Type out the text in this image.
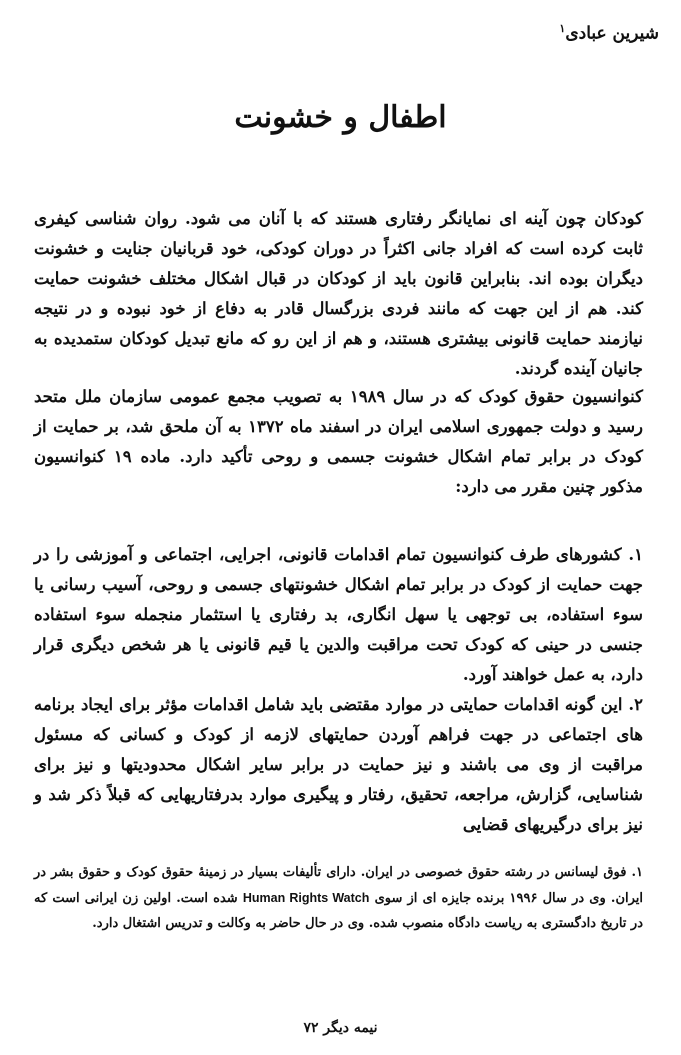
شیرین عبادی$^۱$
اطفال و خشونت
کودکان چون آینه ای نمایانگر رفتاری هستند که با آنان می شود. روان شناسی کیفری ثابت کرده است که افراد جانی اکثراً در دوران کودکی، خود قربانیان جنایت و خشونت دیگران بوده اند. بنابراین قانون باید از کودکان در قبال اشکال مختلف خشونت حمایت کند. هم از این جهت که مانند فردی بزرگسال قادر به دفاع از خود نبوده و در نتیجه نیازمند حمایت قانونی بیشتری هستند، و هم از این رو که مانع تبدیل کودکان ستمدیده به جانیان آینده گردند.
کنوانسیون حقوق کودک که در سال ۱۹۸۹ به تصویب مجمع عمومی سازمان ملل متحد رسید و دولت جمهوری اسلامی ایران در اسفند ماه ۱۳۷۲ به آن ملحق شد، بر حمایت از کودک در برابر تمام اشکال خشونت جسمی و روحی تأکید دارد. ماده ۱۹ کنوانسیون مذکور چنین مقرر می دارد:

۱. کشورهای طرف کنوانسیون تمام اقدامات قانونی، اجرایی، اجتماعی و آموزشی را در جهت حمایت از کودک در برابر تمام اشکال خشونتهای جسمی و روحی، آسیب رسانی یا سوء استفاده، بی توجهی یا سهل انگاری، بد رفتاری یا استثمار منجمله سوء استفاده جنسی در حینی که کودک تحت مراقبت والدین یا قیم قانونی یا هر شخص دیگری قرار دارد، به عمل خواهند آورد.

۲. این گونه اقدامات حمایتی در موارد مقتضی باید شامل اقدامات مؤثر برای ایجاد برنامه های اجتماعی در جهت فراهم آوردن حمایتهای لازمه از کودک و کسانی که مسئول مراقبت از وی می باشند و نیز حمایت در برابر سایر اشکال محدودیتها و نیز برای شناسایی، گزارش، مراجعه، تحقیق، رفتار و پیگیری موارد بدرفتاریهایی که قبلاً ذکر شد و نیز برای درگیریهای قضایی

۱. فوق لیسانس در رشته حقوق خصوصی در ایران. دارای تألیفات بسیار در زمینهٔ حقوق کودک و حقوق بشر در ایران. وی در سال ۱۹۹۶ برنده جایزه ای از سوی Human Rights Watch شده است. اولین زن ایرانی است که در تاریخ دادگستری به ریاست دادگاه منصوب شده. وی در حال حاضر به وکالت و تدریس اشتغال دارد.
نیمه دیگر ۷۲
